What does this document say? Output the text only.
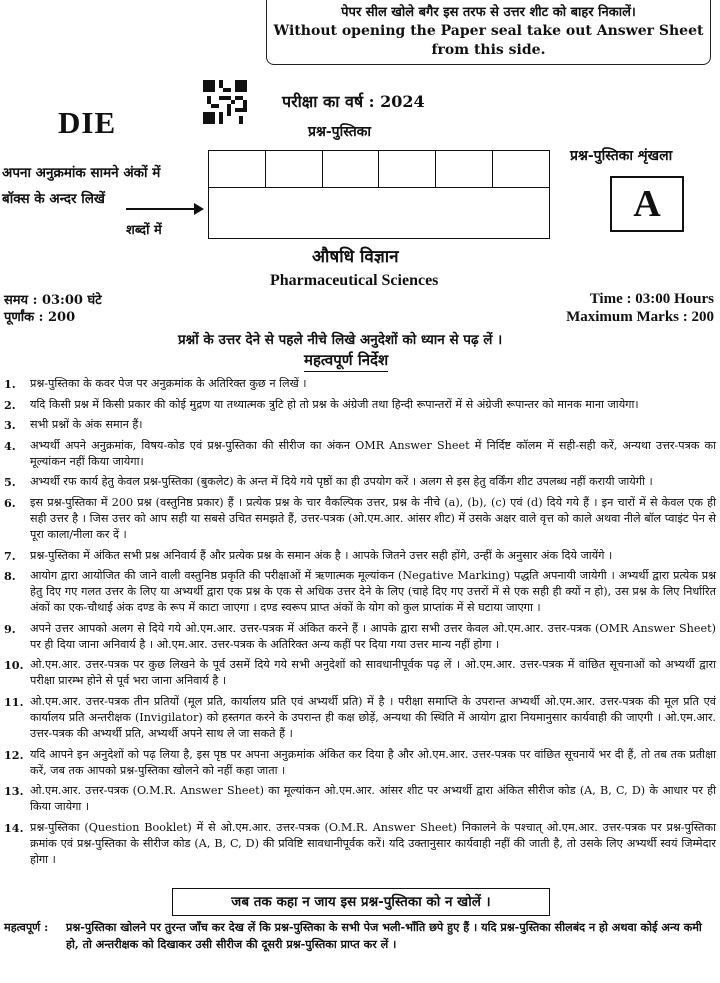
पेपर सील खोले बगैर इस तरफ से उत्तर शीट को बाहर निकालें।
Without opening the Paper seal take out Answer Sheet
from this side.
DIE
परीक्षा का वर्ष : 2024
प्रश्न-पुस्तिका
अपना अनुक्रमांक सामने अंकों में
बॉक्स के अन्दर लिखें
शब्दों में
प्रश्न-पुस्तिका शृंखला
A
औषधि विज्ञान
Pharmaceutical Sciences
समय : 03:00 घंटे
पूर्णांक : 200
Time : 03:00 Hours
Maximum Marks : 200
प्रश्नों के उत्तर देने से पहले नीचे लिखे अनुदेशों को ध्यान से पढ़ लें ।
महत्वपूर्ण निर्देश
1.	प्रश्न-पुस्तिका के कवर पेज पर अनुक्रमांक के अतिरिक्त कुछ न लिखें ।
2.	यदि किसी प्रश्न में किसी प्रकार की कोई मुद्रण या तथ्यात्मक त्रुटि हो तो प्रश्न के अंग्रेजी तथा हिन्दी रूपान्तरों में से अंग्रेजी रूपान्तर को मानक माना जायेगा।
3.	सभी प्रश्नों के अंक समान हैं।
4.	अभ्यर्थी अपने अनुक्रमांक, विषय-कोड एवं प्रश्न-पुस्तिका की सीरीज का अंकन OMR Answer Sheet में निर्दिष्ट कॉलम में सही-सही करें, अन्यथा उत्तर-पत्रक का मूल्यांकन नहीं किया जायेगा।
5.	अभ्यर्थी रफ कार्य हेतु केवल प्रश्न-पुस्तिका (बुकलेट) के अन्त में दिये गये पृष्ठों का ही उपयोग करें । अलग से इस हेतु वर्किंग शीट उपलब्ध नहीं करायी जायेगी ।
6.	इस प्रश्न-पुस्तिका में 200 प्रश्न (वस्तुनिष्ठ प्रकार) हैं । प्रत्येक प्रश्न के चार वैकल्पिक उत्तर, प्रश्न के नीचे (a), (b), (c) एवं (d) दिये गये हैं । इन चारों में से केवल एक ही सही उत्तर है । जिस उत्तर को आप सही या सबसे उचित समझते हैं, उत्तर-पत्रक (ओ.एम.आर. आंसर शीट) में उसके अक्षर वाले वृत्त को काले अथवा नीले बॉल प्वाइंट पेन से पूरा काला/नीला कर दें ।
7.	प्रश्न-पुस्तिका में अंकित सभी प्रश्न अनिवार्य हैं और प्रत्येक प्रश्न के समान अंक है । आपके जितने उत्तर सही होंगे, उन्हीं के अनुसार अंक दिये जायेंगे ।
8.	आयोग द्वारा आयोजित की जाने वाली वस्तुनिष्ठ प्रकृति की परीक्षाओं में ऋणात्मक मूल्यांकन (Negative Marking) पद्धति अपनायी जायेगी । अभ्यर्थी द्वारा प्रत्येक प्रश्न हेतु दिए गए गलत उत्तर के लिए या अभ्यर्थी द्वारा एक प्रश्न के एक से अधिक उत्तर देने के लिए (चाहे दिए गए उत्तरों में से एक सही ही क्यों न हो), उस प्रश्न के लिए निर्धारित अंकों का एक-चौथाई अंक दण्ड के रूप में काटा जाएगा । दण्ड स्वरूप प्राप्त अंकों के योग को कुल प्राप्तांक में से घटाया जाएगा ।
9.	अपने उत्तर आपको अलग से दिये गये ओ.एम.आर. उत्तर-पत्रक में अंकित करने हैं । आपके द्वारा सभी उत्तर केवल ओ.एम.आर. उत्तर-पत्रक (OMR Answer Sheet) पर ही दिया जाना अनिवार्य है । ओ.एम.आर. उत्तर-पत्रक के अतिरिक्त अन्य कहीं पर दिया गया उत्तर मान्य नहीं होगा ।
10. ओ.एम.आर. उत्तर-पत्रक पर कुछ लिखने के पूर्व उसमें दिये गये सभी अनुदेशों को सावधानीपूर्वक पढ़ लें । ओ.एम.आर. उत्तर-पत्रक में वांछित सूचनाओं को अभ्यर्थी द्वारा परीक्षा प्रारम्भ होने से पूर्व भरा जाना अनिवार्य है ।
11. ओ.एम.आर. उत्तर-पत्रक तीन प्रतियों (मूल प्रति, कार्यालय प्रति एवं अभ्यर्थी प्रति) में है । परीक्षा समाप्ति के उपरान्त अभ्यर्थी ओ.एम.आर. उत्तर-पत्रक की मूल प्रति एवं कार्यालय प्रति अन्तरीक्षक (Invigilator) को हस्तगत करने के उपरान्त ही कक्ष छोड़ें, अन्यथा की स्थिति में आयोग द्वारा नियमानुसार कार्यवाही की जाएगी । ओ.एम.आर. उत्तर-पत्रक की अभ्यर्थी प्रति, अभ्यर्थी अपने साथ ले जा सकते हैं ।
12. यदि आपने इन अनुदेशों को पढ़ लिया है, इस पृष्ठ पर अपना अनुक्रमांक अंकित कर दिया है और ओ.एम.आर. उत्तर-पत्रक पर वांछित सूचनायें भर दी हैं, तो तब तक प्रतीक्षा करें, जब तक आपको प्रश्न-पुस्तिका खोलने को नहीं कहा जाता ।
13. ओ.एम.आर. उत्तर-पत्रक (O.M.R. Answer Sheet) का मूल्यांकन ओ.एम.आर. आंसर शीट पर अभ्यर्थी द्वारा अंकित सीरीज कोड (A, B, C, D) के आधार पर ही किया जायेगा ।
14. प्रश्न-पुस्तिका (Question Booklet) में से ओ.एम.आर. उत्तर-पत्रक (O.M.R. Answer Sheet) निकालने के पश्चात् ओ.एम.आर. उत्तर-पत्रक पर प्रश्न-पुस्तिका क्रमांक एवं प्रश्न-पुस्तिका के सीरीज कोड (A, B, C, D) की प्रविष्टि सावधानीपूर्वक करें। यदि उक्तानुसार कार्यवाही नहीं की जाती है, तो उसके लिए अभ्यर्थी स्वयं जिम्मेदार होगा ।
जब तक कहा न जाय इस प्रश्न-पुस्तिका को न खोलें ।
महत्वपूर्ण :	प्रश्न-पुस्तिका खोलने पर तुरन्त जाँच कर देख लें कि प्रश्न-पुस्तिका के सभी पेज भली-भाँति छपे हुए हैं । यदि प्रश्न-पुस्तिका सीलबंद न हो अथवा कोई अन्य कमी हो, तो अन्तरीक्षक को दिखाकर उसी सीरीज की दूसरी प्रश्न-पुस्तिका प्राप्त कर लें ।
